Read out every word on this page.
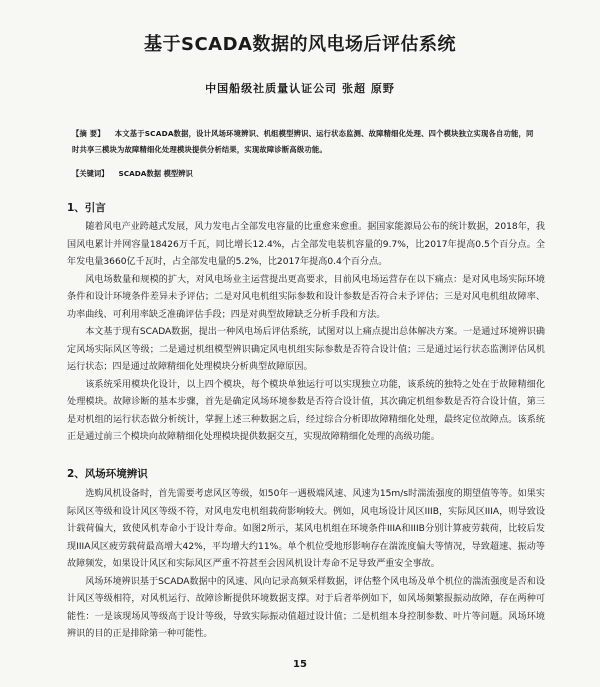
基于SCADA数据的风电场后评估系统
中国船级社质量认证公司 张超 原野

【摘 要】 本文基于SCADA数据，设计风场环境辨识、机组模型辨识、运行状态监测、故障精细化处理、四个模块独立实现各自功能，同时共享三模块为故障精细化处理模块提供分析结果，实现故障诊断高级功能。

【关键词】 SCADA数据 模型辨识
1、引言

随着风电产业跨越式发展，风力发电占全部发电容量的比重愈来愈重。据国家能源局公布的统计数据，2018年，我国风电累计并网容量18426万千瓦，同比增长12.4%，占全部发电装机容量的9.7%，比2017年提高0.5个百分点。全年发电量3660亿千瓦时，占全部发电量的5.2%，比2017年提高0.4个百分点。

风电场数量和规模的扩大，对风电场业主运营提出更高要求，目前风电场运营存在以下痛点：是对风电场实际环境条件和设计环境条件差异未予评估；二是对风电机组实际参数和设计参数是否符合未予评估；三是对风电机组故障率、功率曲线、可利用率缺乏准确评估手段；四是对典型故障缺乏分析手段和方法。

本文基于现有SCADA数据，提出一种风电场后评估系统，试图对以上痛点提出总体解决方案。一是通过环境辨识确定风场实际风区等级；二是通过机组模型辨识确定风电机组实际参数是否符合设计值；三是通过运行状态监测评估风机运行状态；四是通过故障精细化处理模块分析典型故障原因。

该系统采用模块化设计，以上四个模块，每个模块单独运行可以实现独立功能，该系统的独特之处在于故障精细化处理模块。故障诊断的基本步骤，首先是确定风场环境参数是否符合设计值，其次确定机组参数是否符合设计值，第三是对机组的运行状态做分析统计，掌握上述三种数据之后，经过综合分析即故障精细化处理，最终定位故障点。该系统正是通过前三个模块向故障精细化处理模块提供数据交互，实现故障精细化处理的高级功能。

2、风场环境辨识

选购风机设备时，首先需要考虑风区等级，如50年一遇极端风速、风速为15m/s时湍流强度的期望值等等。如果实际风区等级和设计风区等级不符，对风电发电机组载荷影响较大。例如，风电场设计风区IIIB，实际风区IIIA，则导致设计载荷偏大，致使风机寿命小于设计寿命。如图2所示，某风电机组在环境条件IIIA和IIIB分别计算疲劳载荷，比较后发现IIIA风区疲劳载荷最高增大42%，平均增大约11%。单个机位受地形影响存在湍流度偏大等情况，导致超速、振动等故障频发，如果设计风区和实际风区严重不符甚至会因风机设计寿命不足导致严重安全事故。

风场环境辨识基于SCADA数据中的风速、风向记录高频采样数据，评估整个风电场及单个机位的湍流强度是否和设计风区等级相符，对风机运行、故障诊断提供环境数据支撑。对于后者举例如下，如风场频繁报振动故障，存在两种可能性：一是该现场风等级高于设计等级，导致实际振动值超过设计值；二是机组本身控制参数、叶片等问题。风场环境辨识的目的正是排除第一种可能性。

15
